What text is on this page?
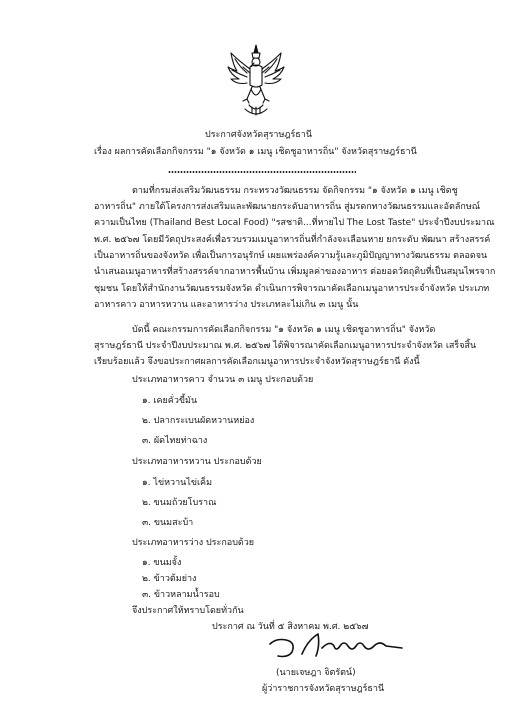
ประกาศจังหวัดสุราษฎร์ธานี
เรื่อง ผลการคัดเลือกกิจกรรม "๑ จังหวัด ๑ เมนู เชิดชูอาหารถิ่น" จังหวัดสุราษฎร์ธานี
ตามที่กรมส่งเสริมวัฒนธรรม กระทรวงวัฒนธรรม จัดกิจกรรม "๑ จังหวัด ๑ เมนู เชิดชู
อาหารถิ่น" ภายใต้โครงการส่งเสริมและพัฒนายกระดับอาหารถิ่น สู่มรดกทางวัฒนธรรมและอัตลักษณ์
ความเป็นไทย (Thailand Best Local Food) "รสชาติ...ที่หายไป The Lost Taste" ประจำปีงบประมาณ
พ.ศ. ๒๕๖๗ โดยมีวัตถุประสงค์เพื่อรวบรวมเมนูอาหารถิ่นที่กำลังจะเลือนหาย ยกระดับ พัฒนา สร้างสรรค์
เป็นอาหารถิ่นของจังหวัด เพื่อเป็นการอนุรักษ์ เผยแพร่องค์ความรู้และภูมิปัญญาทางวัฒนธรรม ตลอดจน
นำเสนอเมนูอาหารที่สร้างสรรค์จากอาหารพื้นบ้าน เพิ่มมูลค่าของอาหาร ต่อยอดวัตถุดิบที่เป็นสมุนไพรจาก
ชุมชน โดยให้สำนักงานวัฒนธรรมจังหวัด ดำเนินการพิจารณาคัดเลือกเมนูอาหารประจำจังหวัด ประเภท
อาหารคาว อาหารหวาน และอาหารว่าง ประเภทละไม่เกิน ๓ เมนู นั้น
บัดนี้ คณะกรรมการคัดเลือกกิจกรรม "๑ จังหวัด ๑ เมนู เชิดชูอาหารถิ่น" จังหวัด
สุราษฎร์ธานี ประจำปีงบประมาณ พ.ศ. ๒๕๖๗ ได้พิจารณาคัดเลือกเมนูอาหารประจำจังหวัด เสร็จสิ้น
เรียบร้อยแล้ว จึงขอประกาศผลการคัดเลือกเมนูอาหารประจำจังหวัดสุราษฎร์ธานี ดังนี้
ประเภทอาหารคาว จำนวน ๓ เมนู ประกอบด้วย
๑. เคยคั่วขี้มัน
๒. ปลากระเบนผัดหวานหย่อง
๓. ผัดไทยท่าฉาง
ประเภทอาหารหวาน ประกอบด้วย
๑. ไข่หวานไข่เค็ม
๒. ขนมถ้วยโบราณ
๓. ขนมสะบ้า
ประเภทอาหารว่าง ประกอบด้วย
๑. ขนมจั้ง
๒. ข้าวต้มย่าง
๓. ข้าวหลามน้ำรอบ
จึงประกาศให้ทราบโดยทั่วกัน
ประกาศ ณ วันที่ ๕ สิงหาคม พ.ศ. ๒๕๖๗
(นายเจษฎา จิตรัตน์)
ผู้ว่าราชการจังหวัดสุราษฎร์ธานี
